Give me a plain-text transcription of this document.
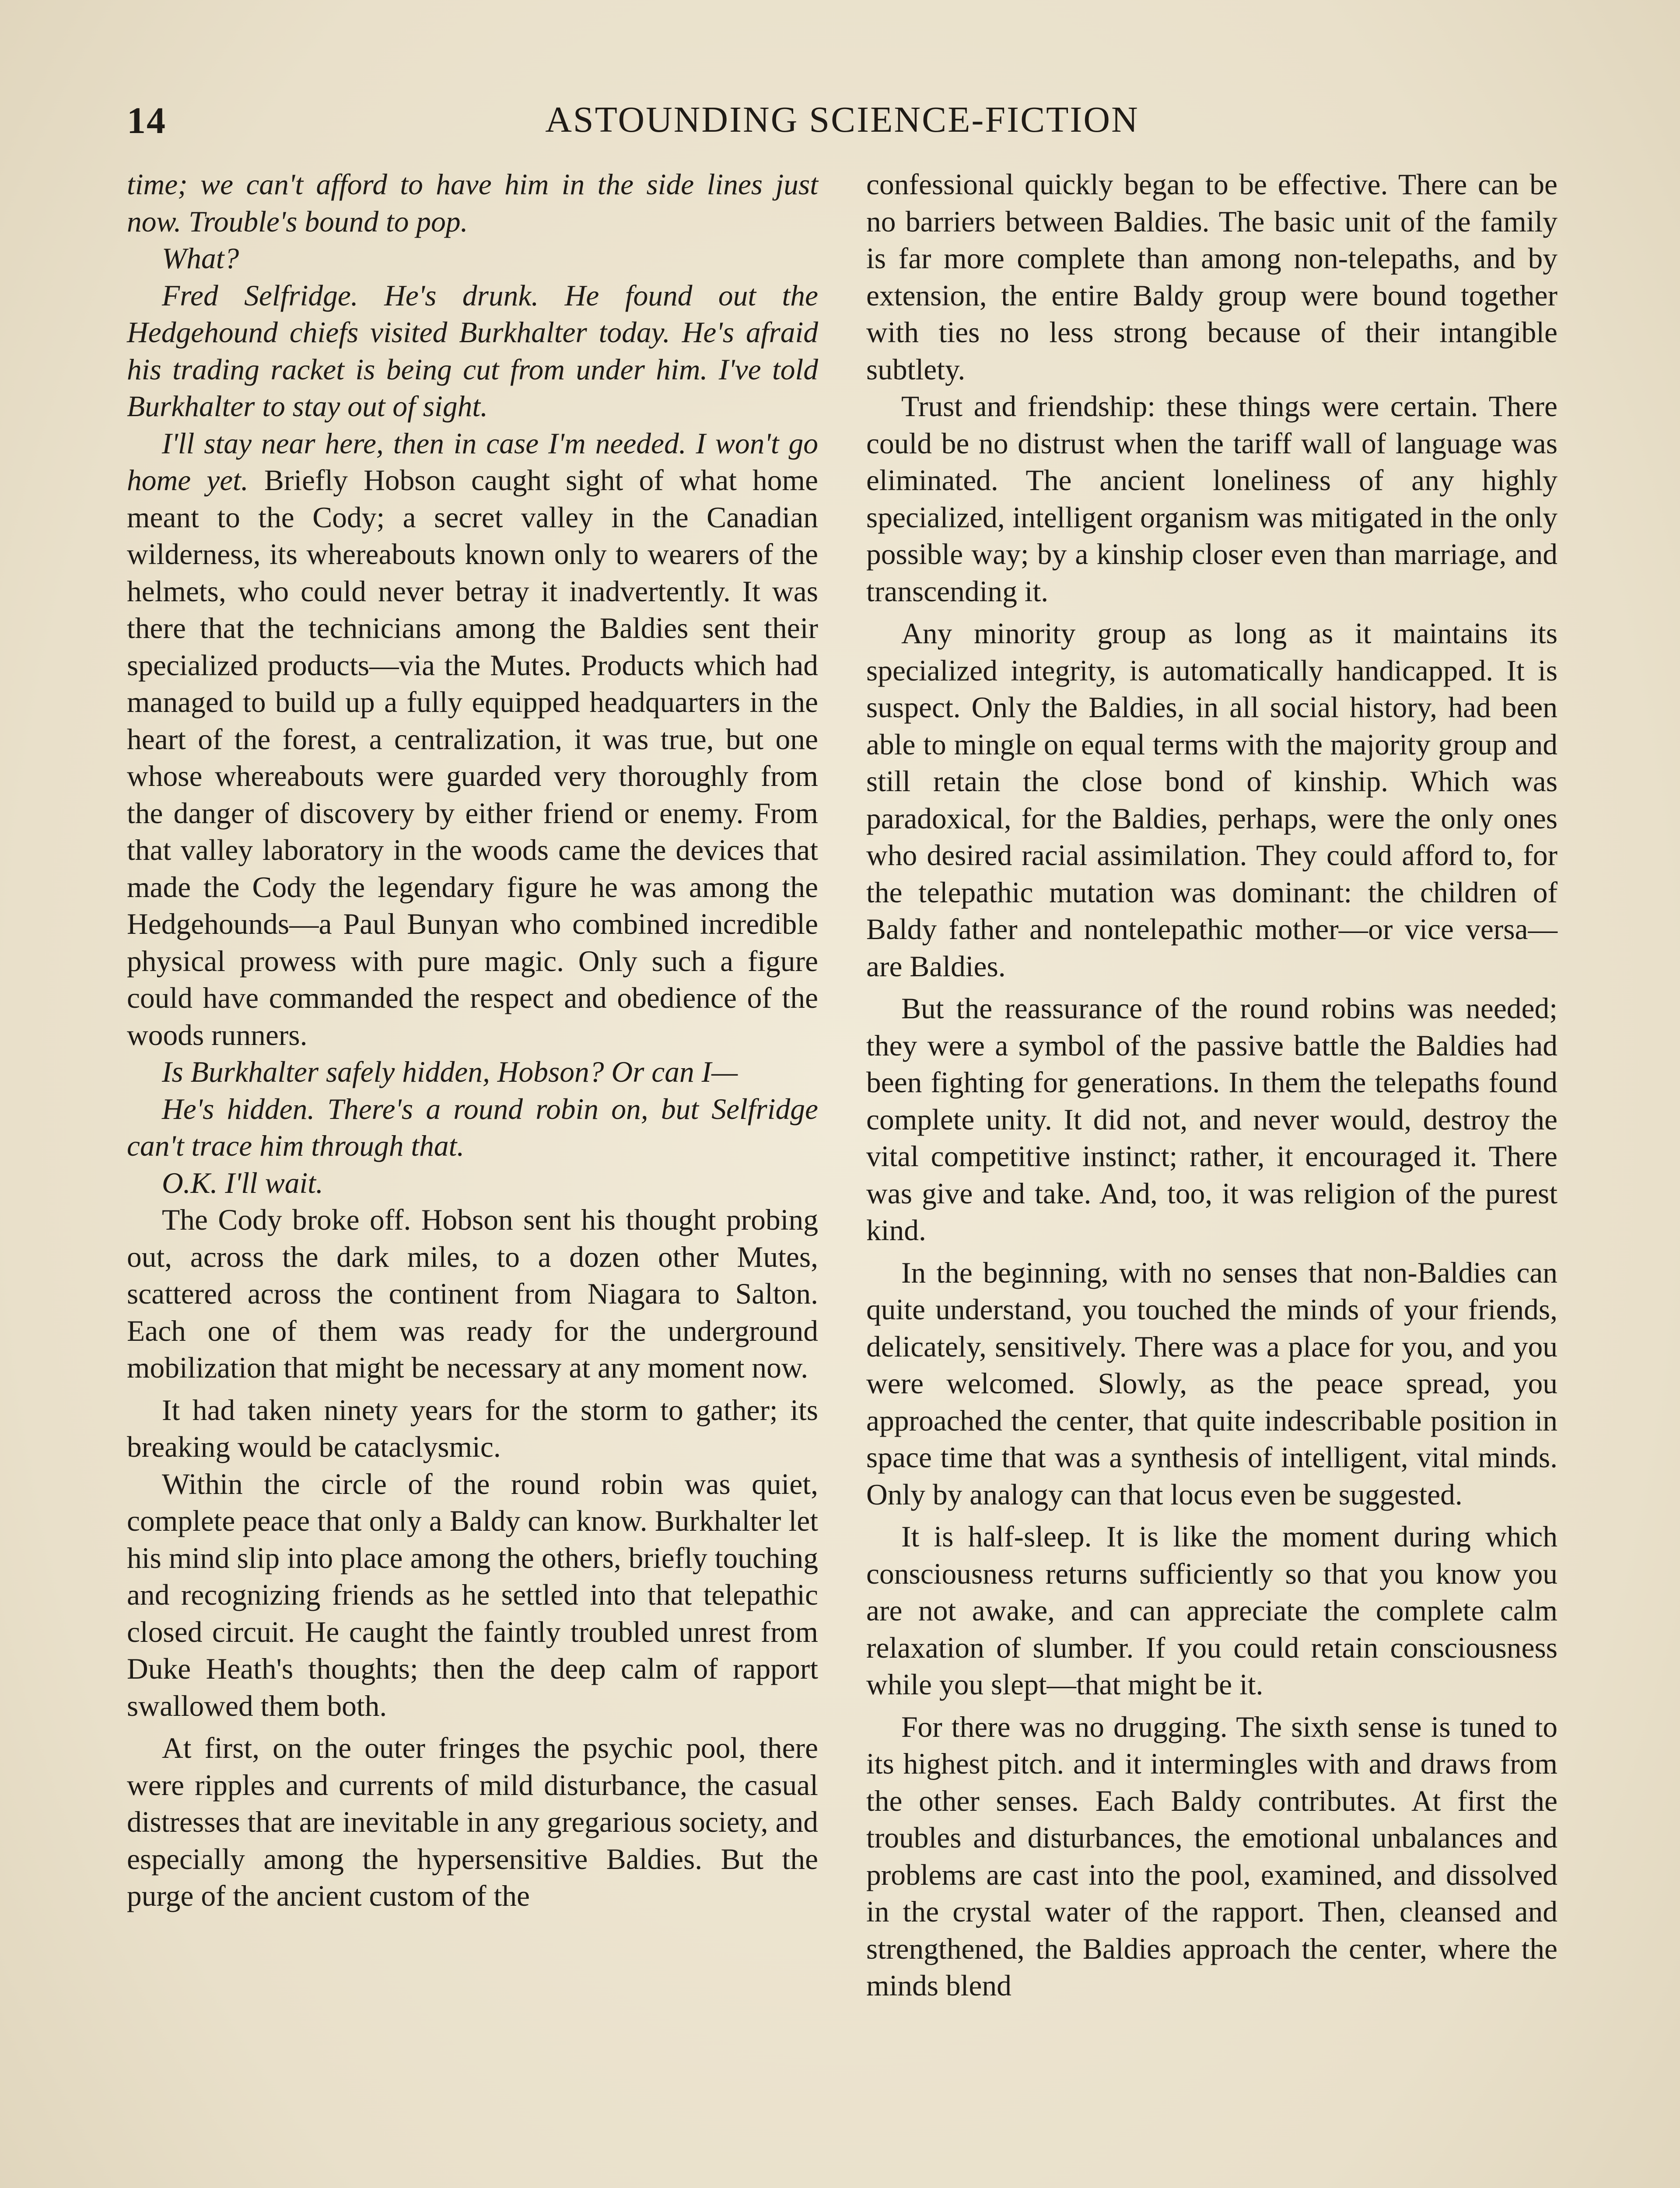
14	ASTOUNDING SCIENCE-FICTION

time; we can't afford to have him in the side lines just now. Trouble's bound to pop.

What?

Fred Selfridge. He's drunk. He found out the Hedgehound chiefs visited Burkhalter today. He's afraid his trading racket is being cut from under him. I've told Burkhalter to stay out of sight.

I'll stay near here, then in case I'm needed. I won't go home yet. Briefly Hobson caught sight of what home meant to the Cody; a secret valley in the Canadian wilderness, its whereabouts known only to wearers of the helmets, who could never betray it inadvertently. It was there that the technicians among the Baldies sent their specialized products—via the Mutes. Products which had managed to build up a fully equipped headquarters in the heart of the forest, a centralization, it was true, but one whose whereabouts were guarded very thoroughly from the danger of discovery by either friend or enemy. From that valley laboratory in the woods came the devices that made the Cody the legendary figure he was among the Hedgehounds—a Paul Bunyan who combined incredible physical prowess with pure magic. Only such a figure could have commanded the respect and obedience of the woods runners.

Is Burkhalter safely hidden, Hobson? Or can I—

He's hidden. There's a round robin on, but Selfridge can't trace him through that.

O.K. I'll wait.

The Cody broke off. Hobson sent his thought probing out, across the dark miles, to a dozen other Mutes, scattered across the continent from Niagara to Salton. Each one of them was ready for the underground mobilization that might be necessary at any moment now.

It had taken ninety years for the storm to gather; its breaking would be cataclysmic.

Within the circle of the round robin was quiet, complete peace that only a Baldy can know. Burkhalter let his mind slip into place among the others, briefly touching and recognizing friends as he settled into that telepathic closed circuit. He caught the faintly troubled unrest from Duke Heath's thoughts; then the deep calm of rapport swallowed them both.

At first, on the outer fringes the psychic pool, there were ripples and currents of mild disturbance, the casual distresses that are inevitable in any gregarious society, and especially among the hypersensitive Baldies. But the purge of the ancient custom of the

confessional quickly began to be effective. There can be no barriers between Baldies. The basic unit of the family is far more complete than among non-telepaths, and by extension, the entire Baldy group were bound together with ties no less strong because of their intangible subtlety.

Trust and friendship: these things were certain. There could be no distrust when the tariff wall of language was eliminated. The ancient loneliness of any highly specialized, intelligent organism was mitigated in the only possible way; by a kinship closer even than marriage, and transcending it.

Any minority group as long as it maintains its specialized integrity, is automatically handicapped. It is suspect. Only the Baldies, in all social history, had been able to mingle on equal terms with the majority group and still retain the close bond of kinship. Which was paradoxical, for the Baldies, perhaps, were the only ones who desired racial assimilation. They could afford to, for the telepathic mutation was dominant: the children of Baldy father and nontelepathic mother—or vice versa—are Baldies.

But the reassurance of the round robins was needed; they were a symbol of the passive battle the Baldies had been fighting for generations. In them the telepaths found complete unity. It did not, and never would, destroy the vital competitive instinct; rather, it encouraged it. There was give and take. And, too, it was religion of the purest kind.

In the beginning, with no senses that non-Baldies can quite understand, you touched the minds of your friends, delicately, sensitively. There was a place for you, and you were welcomed. Slowly, as the peace spread, you approached the center, that quite indescribable position in space time that was a synthesis of intelligent, vital minds. Only by analogy can that locus even be suggested.

It is half-sleep. It is like the moment during which consciousness returns sufficiently so that you know you are not awake, and can appreciate the complete calm relaxation of slumber. If you could retain consciousness while you slept—that might be it.

For there was no drugging. The sixth sense is tuned to its highest pitch. and it intermingles with and draws from the other senses. Each Baldy contributes. At first the troubles and disturbances, the emotional unbalances and problems are cast into the pool, examined, and dissolved in the crystal water of the rapport. Then, cleansed and strengthened, the Baldies approach the center, where the minds blend
